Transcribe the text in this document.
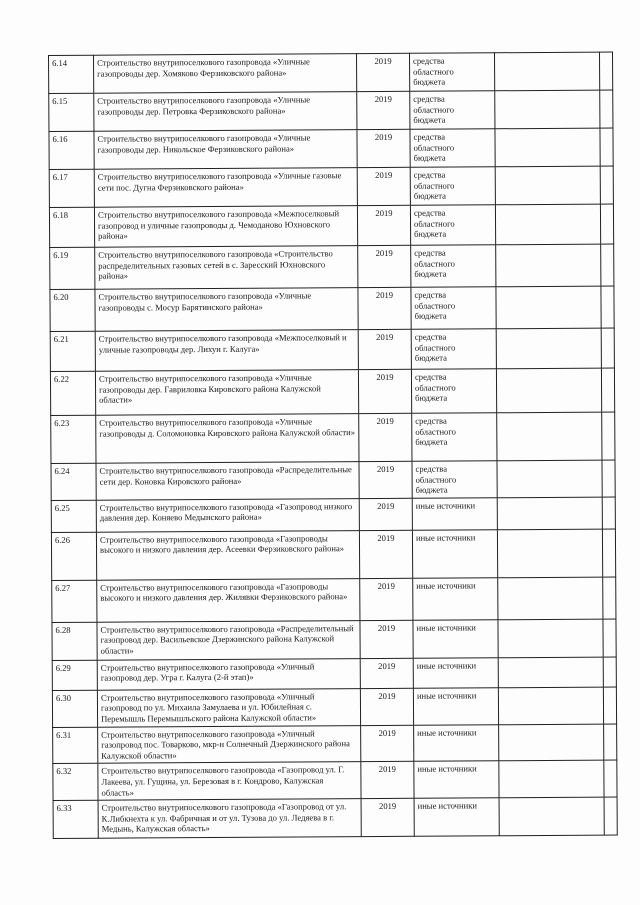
6.14	Строительство внутрипоселкового газопровода «Уличные газопроводы дер. Хомяково Ферзиковского района»	2019	средства
областного
бюджета		
6.15	Строительство внутрипоселкового газопровода «Уличные газопроводы дер. Петровка Ферзиковского района»	2019	средства
областного
бюджета		
6.16	Строительство внутрипоселкового газопровода «Уличные газопроводы дер. Никольское Ферзиковского района»	2019	средства
областного
бюджета		
6.17	Строительство внутрипоселкового газопровода «Уличные газовые сети пос. Дугна Ферзиковского района»	2019	средства
областного
бюджета		
6.18	Строительство внутрипоселкового газопровода «Межпоселковый газопровод и уличные газопроводы д. Чемоданово Юхновского района»	2019	средства
областного
бюджета		
6.19	Строительство внутрипоселкового газопровода «Строительство распределительных газовых сетей в с. Заресский Юхновского района»	2019	средства
областного
бюджета		
6.20	Строительство внутрипоселкового газопровода «Уличные газопроводы с. Мосур Барятинского района»	2019	средства
областного
бюджета		
6.21	Строительство внутрипоселкового газопровода «Межпоселковый и уличные газопроводы дер. Лихун г. Калуга»	2019	средства
областного
бюджета		
6.22	Строительство внутрипоселкового газопровода «Уличные газопроводы дер. Гавриловка Кировского района Калужской области»	2019	средства
областного
бюджета		
6.23	Строительство внутрипоселкового газопровода «Уличные газопроводы д. Соломоновка Кировского района Калужской области»	2019	средства
областного
бюджета		
6.24	Строительство внутрипоселкового газопровода «Распределительные сети дер. Коновка Кировского района»	2019	средства
областного
бюджета		
6.25	Строительство внутрипоселкового газопровода «Газопровод низкого давления дер. Коняево Медынского района»	2019	иные источники		
6.26	Строительство внутрипоселкового газопровода «Газопроводы высокого и низкого давления дер. Асеевки Ферзиковского района»	2019	иные источники		
6.27	Строительство внутрипоселкового газопровода «Газопроводы высокого и низкого давления дер. Жилявки Ферзиковского района»	2019	иные источники		
6.28	Строительство внутрипоселкового газопровода «Распределительный газопровод дер. Васильевское Дзержинского района Калужской области»	2019	иные источники		
6.29	Строительство внутрипоселкового газопровода «Уличный газопровод дер. Угра г. Калуга (2-й этап)»	2019	иные источники		
6.30	Строительство внутрипоселкового газопровода «Уличный газопровод по ул. Михаила Замулаева и ул. Юбилейная с. Перемышль Перемышльского района Калужской области»	2019	иные источники		
6.31	Строительство внутрипоселкового газопровода «Уличный газопровод пос. Товарково, мкр-н Солнечный Дзержинского района Калужской области»	2019	иные источники		
6.32	Строительство внутрипоселкового газопровода «Газопровод ул. Г. Лакеева, ул. Гущина, ул. Березовая в г. Кондрово, Калужская область»	2019	иные источники		
6.33	Строительство внутрипоселкового газопровода «Газопровод от ул. К.Либкнехта к ул. Фабричная и от ул. Тузова до ул. Ледяева в г. Медынь, Калужская область»	2019	иные источники		
